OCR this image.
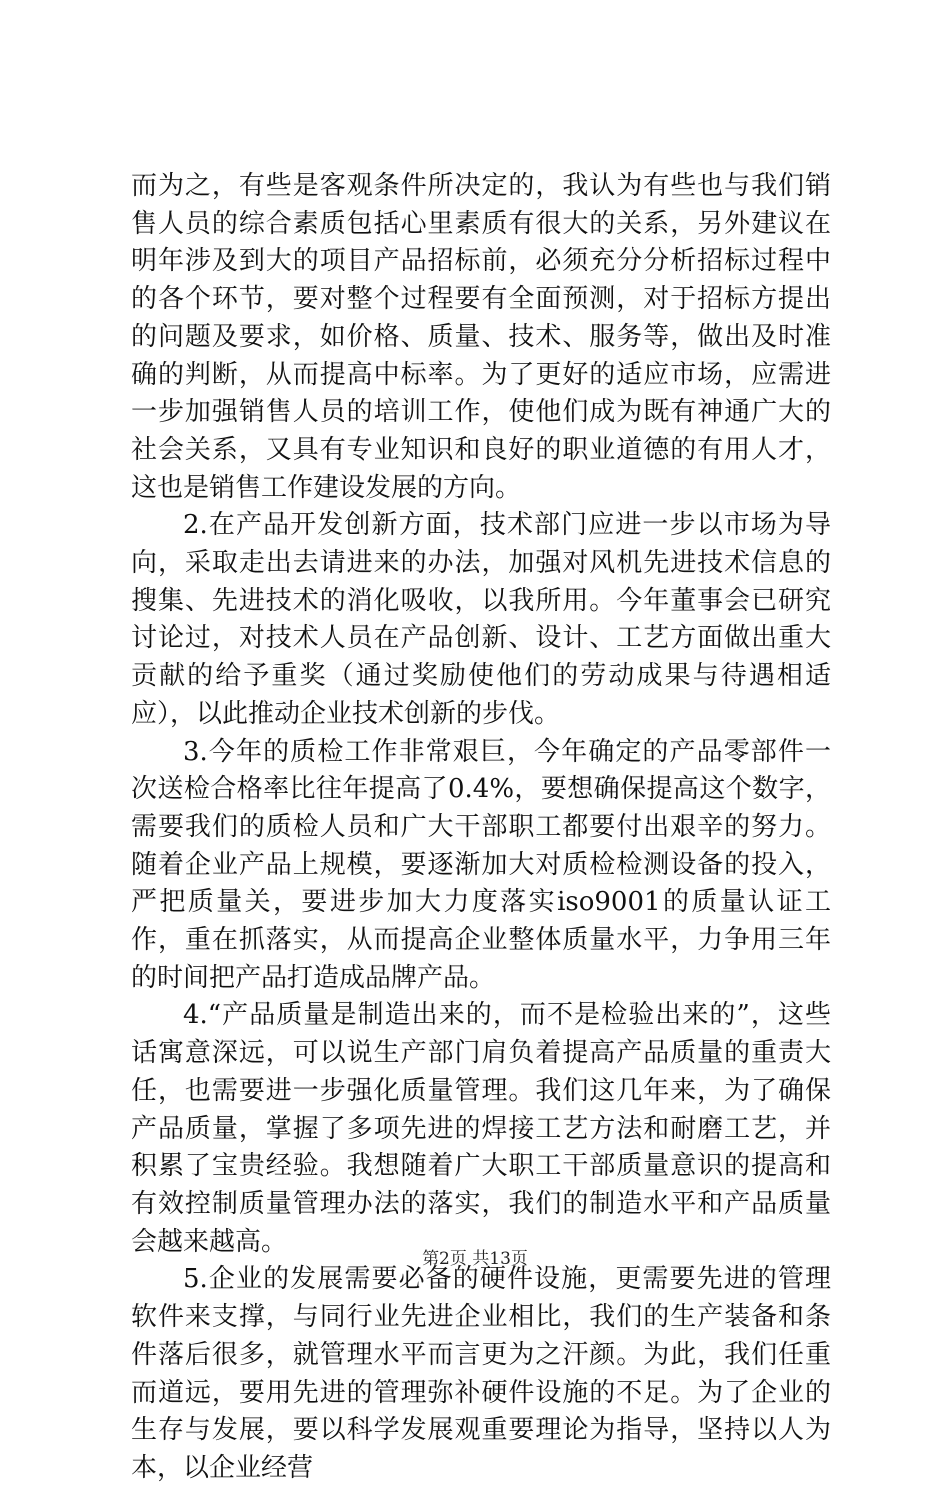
而为之，有些是客观条件所决定的，我认为有些也与我们销售人员的综合素质包括心里素质有很大的关系，另外建议在明年涉及到大的项目产品招标前，必须充分分析招标过程中的各个环节，要对整个过程要有全面预测，对于招标方提出的问题及要求，如价格、质量、技术、服务等，做出及时准确的判断，从而提高中标率。为了更好的适应市场，应需进一步加强销售人员的培训工作，使他们成为既有神通广大的社会关系，又具有专业知识和良好的职业道德的有用人才，这也是销售工作建设发展的方向。

2.在产品开发创新方面，技术部门应进一步以市场为导向，采取走出去请进来的办法，加强对风机先进技术信息的搜集、先进技术的消化吸收，以我所用。今年董事会已研究讨论过，对技术人员在产品创新、设计、工艺方面做出重大贡献的给予重奖（通过奖励使他们的劳动成果与待遇相适应），以此推动企业技术创新的步伐。

3.今年的质检工作非常艰巨，今年确定的产品零部件一次送检合格率比往年提高了0.4%，要想确保提高这个数字，需要我们的质检人员和广大干部职工都要付出艰辛的努力。随着企业产品上规模，要逐渐加大对质检检测设备的投入，严把质量关，要进步加大力度落实iso9001的质量认证工作，重在抓落实，从而提高企业整体质量水平，力争用三年的时间把产品打造成品牌产品。

4.“产品质量是制造出来的，而不是检验出来的”，这些话寓意深远，可以说生产部门肩负着提高产品质量的重责大任，也需要进一步强化质量管理。我们这几年来，为了确保产品质量，掌握了多项先进的焊接工艺方法和耐磨工艺，并积累了宝贵经验。我想随着广大职工干部质量意识的提高和有效控制质量管理办法的落实，我们的制造水平和产品质量会越来越高。

5.企业的发展需要必备的硬件设施，更需要先进的管理软件来支撑，与同行业先进企业相比，我们的生产装备和条件落后很多，就管理水平而言更为之汗颜。为此，我们任重而道远，要用先进的管理弥补硬件设施的不足。为了企业的生存与发展，要以科学发展观重要理论为指导，坚持以人为本，以企业经营

第2页 共13页
